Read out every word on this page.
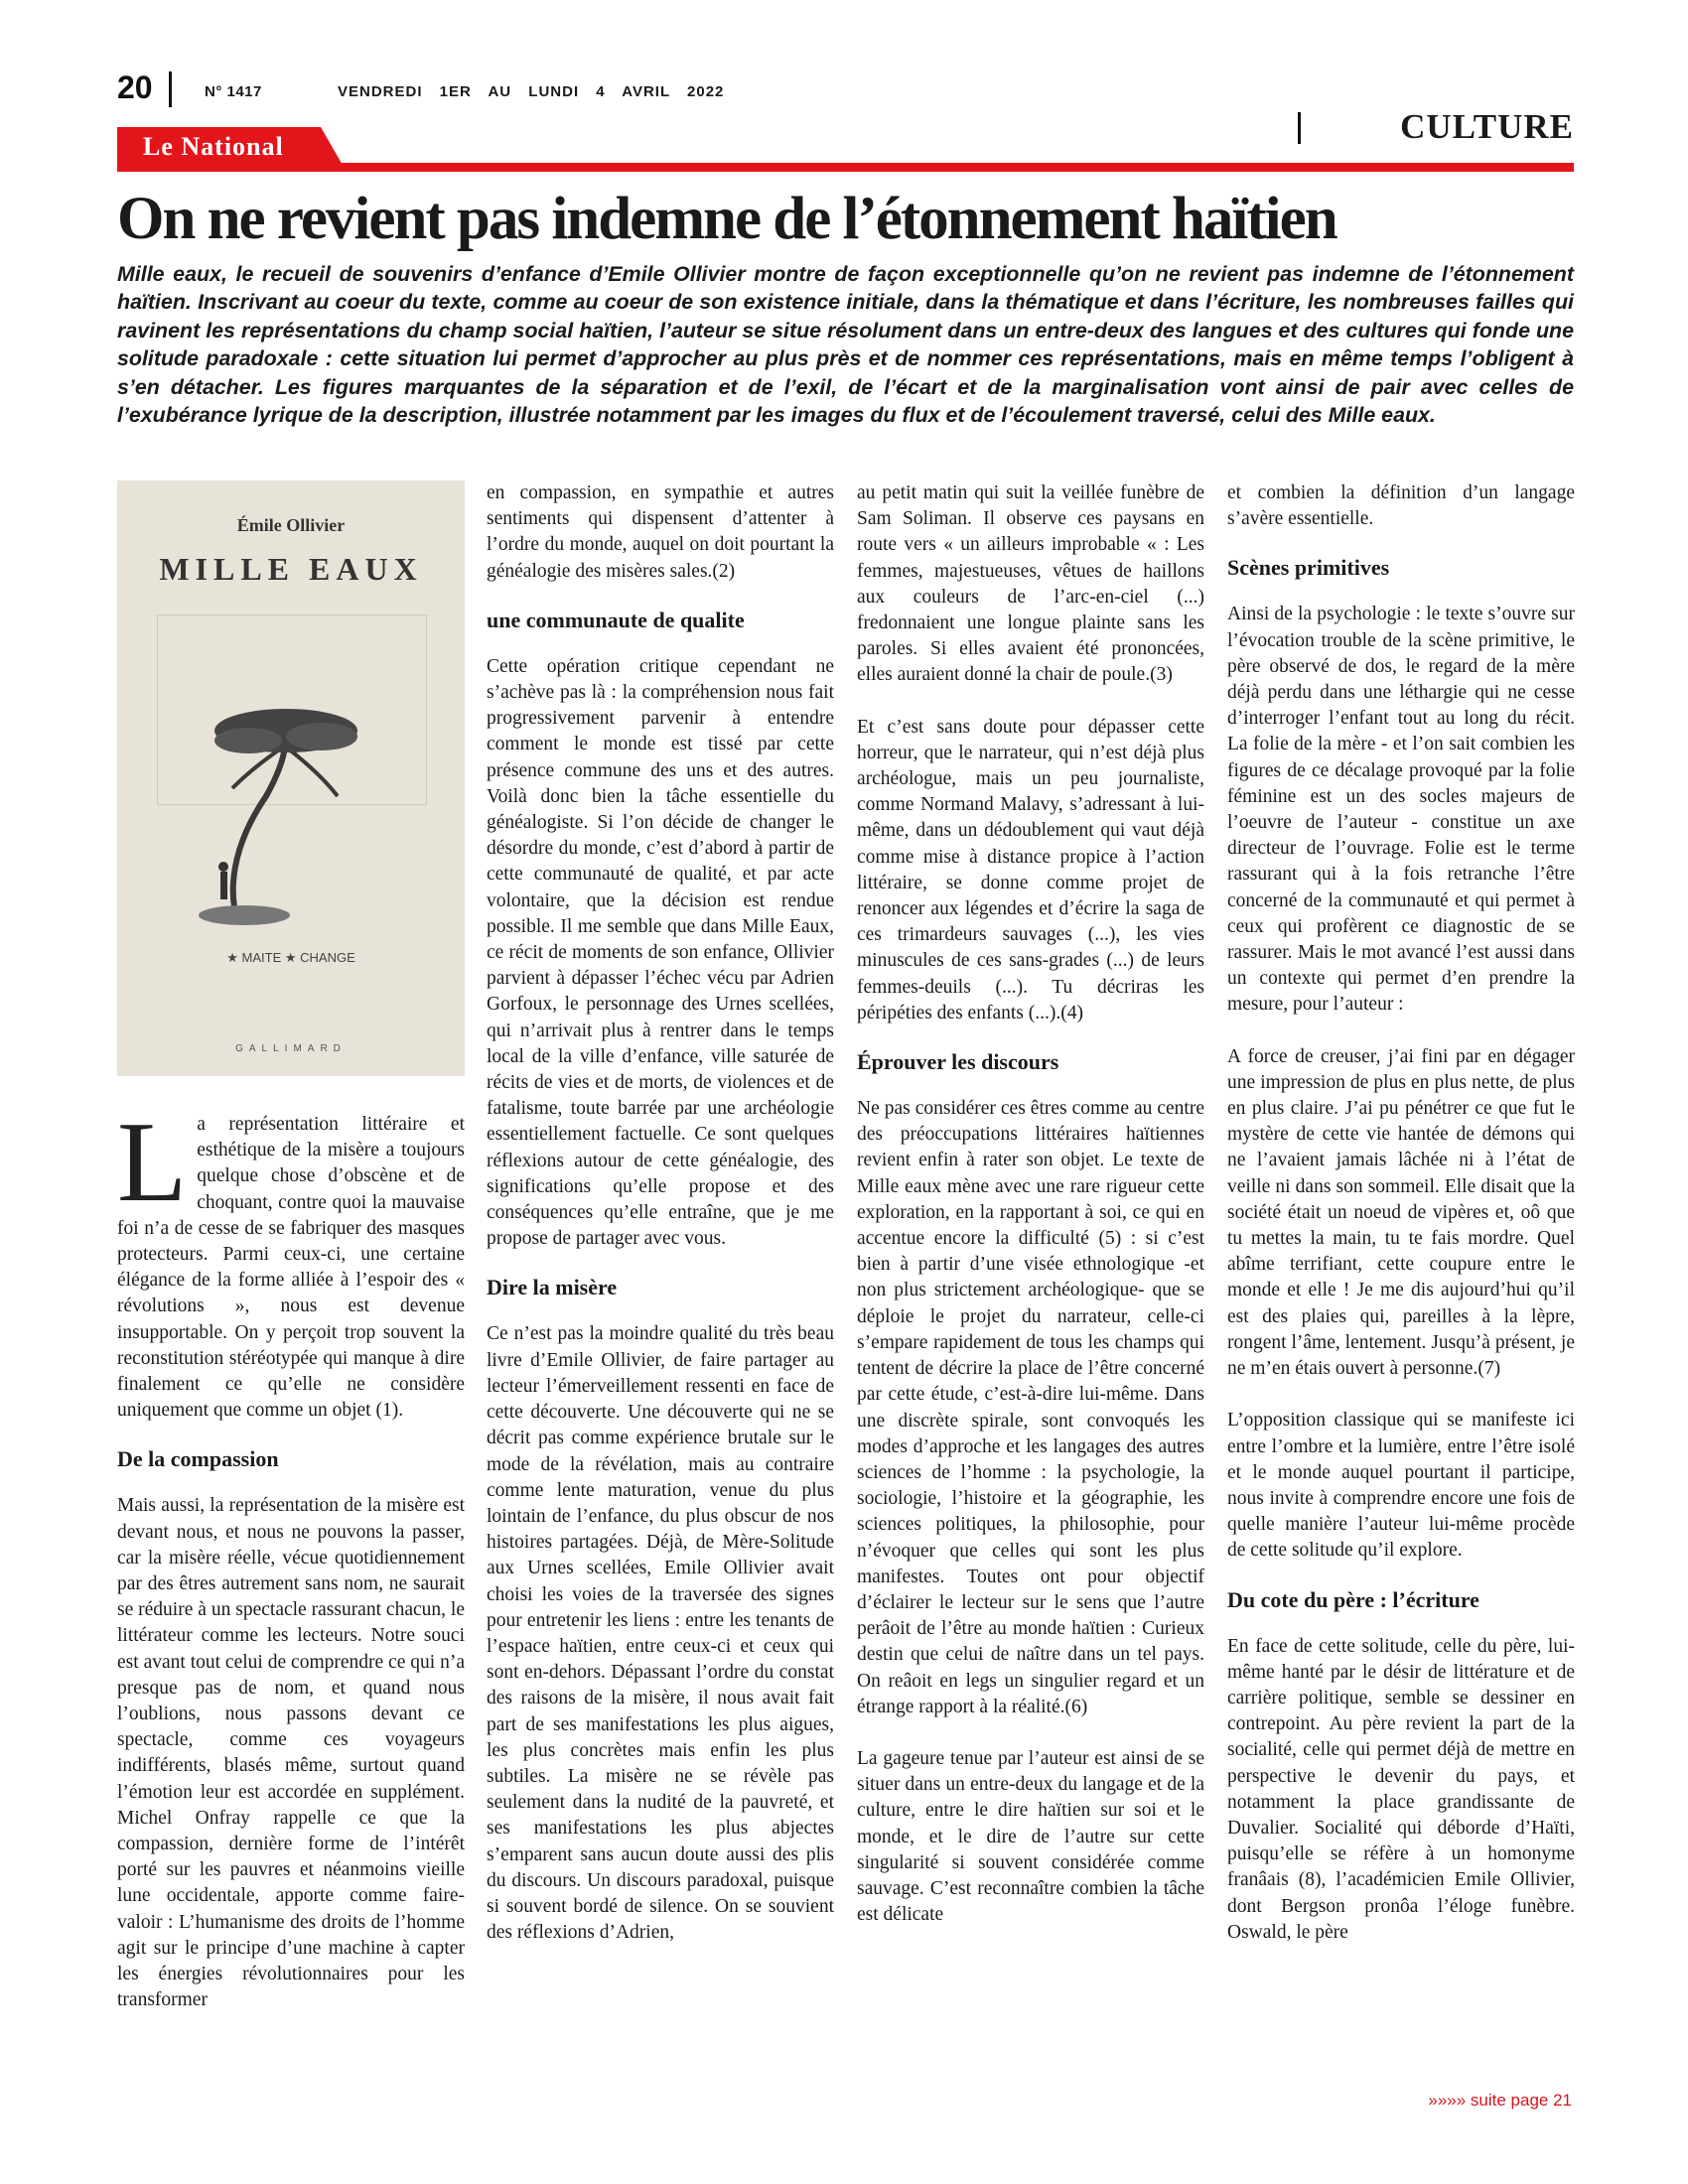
20	N° 1417	VENDREDI 1ER AU LUNDI 4 AVRIL 2022
Le National
CULTURE
On ne revient pas indemne de l’étonnement haïtien

Mille eaux, le recueil de souvenirs d’enfance d’Emile Ollivier montre de façon exceptionnelle qu’on ne revient pas indemne de l’étonnement haïtien. Inscrivant au coeur du texte, comme au coeur de son existence initiale, dans la thématique et dans l’écriture, les nombreuses failles qui ravinent les représentations du champ social haïtien, l’auteur se situe résolument dans un entre-deux des langues et des cultures qui fonde une solitude paradoxale : cette situation lui permet d’approcher au plus près et de nommer ces représentations, mais en même temps l’obligent à s’en détacher. Les figures marquantes de la séparation et de l’exil, de l’écart et de la marginalisation vont ainsi de pair avec celles de l’exubérance lyrique de la description, illustrée notamment par les images du flux et de l’écoulement traversé, celui des Mille eaux.

Émile Ollivier
MILLE EAUX
★ MAITE ★ CHANGE
GALLIMARD

La représentation littéraire et esthétique de la misère a toujours quelque chose d’obscène et de choquant, contre quoi la mauvaise foi n’a de cesse de se fabriquer des masques protecteurs. Parmi ceux-ci, une certaine élégance de la forme alliée à l’espoir des « révolutions », nous est devenue insupportable. On y perçoit trop souvent la reconstitution stéréotypée qui manque à dire finalement ce qu’elle ne considère uniquement que comme un objet (1).

De la compassion

Mais aussi, la représentation de la misère est devant nous, et nous ne pouvons la passer, car la misère réelle, vécue quotidiennement par des êtres autrement sans nom, ne saurait se réduire à un spectacle rassurant chacun, le littérateur comme les lecteurs. Notre souci est avant tout celui de comprendre ce qui n’a presque pas de nom, et quand nous l’oublions, nous passons devant ce spectacle, comme ces voyageurs indifférents, blasés même, surtout quand l’émotion leur est accordée en supplément. Michel Onfray rappelle ce que la compassion, dernière forme de l’intérêt porté sur les pauvres et néanmoins vieille lune occidentale, apporte comme faire-valoir : L’humanisme des droits de l’homme agit sur le principe d’une machine à capter les énergies révolutionnaires pour les transformer

en compassion, en sympathie et autres sentiments qui dispensent d’attenter à l’ordre du monde, auquel on doit pourtant la généalogie des misères sales.(2)

une communaute de qualite

Cette opération critique cependant ne s’achève pas là : la compréhension nous fait progressivement parvenir à entendre comment le monde est tissé par cette présence commune des uns et des autres. Voilà donc bien la tâche essentielle du généalogiste. Si l’on décide de changer le désordre du monde, c’est d’abord à partir de cette communauté de qualité, et par acte volontaire, que la décision est rendue possible. Il me semble que dans Mille Eaux, ce récit de moments de son enfance, Ollivier parvient à dépasser l’échec vécu par Adrien Gorfoux, le personnage des Urnes scellées, qui n’arrivait plus à rentrer dans le temps local de la ville d’enfance, ville saturée de récits de vies et de morts, de violences et de fatalisme, toute barrée par une archéologie essentiellement factuelle. Ce sont quelques réflexions autour de cette généalogie, des significations qu’elle propose et des conséquences qu’elle entraîne, que je me propose de partager avec vous.

Dire la misère

Ce n’est pas la moindre qualité du très beau livre d’Emile Ollivier, de faire partager au lecteur l’émerveillement ressenti en face de cette découverte. Une découverte qui ne se décrit pas comme expérience brutale sur le mode de la révélation, mais au contraire comme lente maturation, venue du plus lointain de l’enfance, du plus obscur de nos histoires partagées. Déjà, de Mère-Solitude aux Urnes scellées, Emile Ollivier avait choisi les voies de la traversée des signes pour entretenir les liens : entre les tenants de l’espace haïtien, entre ceux-ci et ceux qui sont en-dehors. Dépassant l’ordre du constat des raisons de la misère, il nous avait fait part de ses manifestations les plus aigues, les plus concrètes mais enfin les plus subtiles. La misère ne se révèle pas seulement dans la nudité de la pauvreté, et ses manifestations les plus abjectes s’emparent sans aucun doute aussi des plis du discours. Un discours paradoxal, puisque si souvent bordé de silence. On se souvient des réflexions d’Adrien,

au petit matin qui suit la veillée funèbre de Sam Soliman. Il observe ces paysans en route vers « un ailleurs improbable « : Les femmes, majestueuses, vêtues de haillons aux couleurs de l’arc-en-ciel (...) fredonnaient une longue plainte sans les paroles. Si elles avaient été prononcées, elles auraient donné la chair de poule.(3)

Et c’est sans doute pour dépasser cette horreur, que le narrateur, qui n’est déjà plus archéologue, mais un peu journaliste, comme Normand Malavy, s’adressant à lui-même, dans un dédoublement qui vaut déjà comme mise à distance propice à l’action littéraire, se donne comme projet de renoncer aux légendes et d’écrire la saga de ces trimardeurs sauvages (...), les vies minuscules de ces sans-grades (...) de leurs femmes-deuils (...). Tu décriras les péripéties des enfants (...).(4)

Éprouver les discours

Ne pas considérer ces êtres comme au centre des préoccupations littéraires haïtiennes revient enfin à rater son objet. Le texte de Mille eaux mène avec une rare rigueur cette exploration, en la rapportant à soi, ce qui en accentue encore la difficulté (5) : si c’est bien à partir d’une visée ethnologique -et non plus strictement archéologique- que se déploie le projet du narrateur, celle-ci s’empare rapidement de tous les champs qui tentent de décrire la place de l’être concerné par cette étude, c’est-à-dire lui-même. Dans une discrète spirale, sont convoqués les modes d’approche et les langages des autres sciences de l’homme : la psychologie, la sociologie, l’histoire et la géographie, les sciences politiques, la philosophie, pour n’évoquer que celles qui sont les plus manifestes. Toutes ont pour objectif d’éclairer le lecteur sur le sens que l’autre perâoit de l’être au monde haïtien : Curieux destin que celui de naître dans un tel pays. On reâoit en legs un singulier regard et un étrange rapport à la réalité.(6)

La gageure tenue par l’auteur est ainsi de se situer dans un entre-deux du langage et de la culture, entre le dire haïtien sur soi et le monde, et le dire de l’autre sur cette singularité si souvent considérée comme sauvage. C’est reconnaître combien la tâche est délicate

et combien la définition d’un langage s’avère essentielle.

Scènes primitives

Ainsi de la psychologie : le texte s’ouvre sur l’évocation trouble de la scène primitive, le père observé de dos, le regard de la mère déjà perdu dans une léthargie qui ne cesse d’interroger l’enfant tout au long du récit. La folie de la mère - et l’on sait combien les figures de ce décalage provoqué par la folie féminine est un des socles majeurs de l’oeuvre de l’auteur - constitue un axe directeur de l’ouvrage. Folie est le terme rassurant qui à la fois retranche l’être concerné de la communauté et qui permet à ceux qui profèrent ce diagnostic de se rassurer. Mais le mot avancé l’est aussi dans un contexte qui permet d’en prendre la mesure, pour l’auteur :

A force de creuser, j’ai fini par en dégager une impression de plus en plus nette, de plus en plus claire. J’ai pu pénétrer ce que fut le mystère de cette vie hantée de démons qui ne l’avaient jamais lâchée ni à l’état de veille ni dans son sommeil. Elle disait que la société était un noeud de vipères et, oô que tu mettes la main, tu te fais mordre. Quel abîme terrifiant, cette coupure entre le monde et elle ! Je me dis aujourd’hui qu’il est des plaies qui, pareilles à la lèpre, rongent l’âme, lentement. Jusqu’à présent, je ne m’en étais ouvert à personne.(7)

L’opposition classique qui se manifeste ici entre l’ombre et la lumière, entre l’être isolé et le monde auquel pourtant il participe, nous invite à comprendre encore une fois de quelle manière l’auteur lui-même procède de cette solitude qu’il explore.

Du cote du père : l’écriture

En face de cette solitude, celle du père, lui-même hanté par le désir de littérature et de carrière politique, semble se dessiner en contrepoint. Au père revient la part de la socialité, celle qui permet déjà de mettre en perspective le devenir du pays, et notamment la place grandissante de Duvalier. Socialité qui déborde d’Haïti, puisqu’elle se réfère à un homonyme franâais (8), l’académicien Emile Ollivier, dont Bergson pronôa l’éloge funèbre. Oswald, le père

»»»» suite page 21
